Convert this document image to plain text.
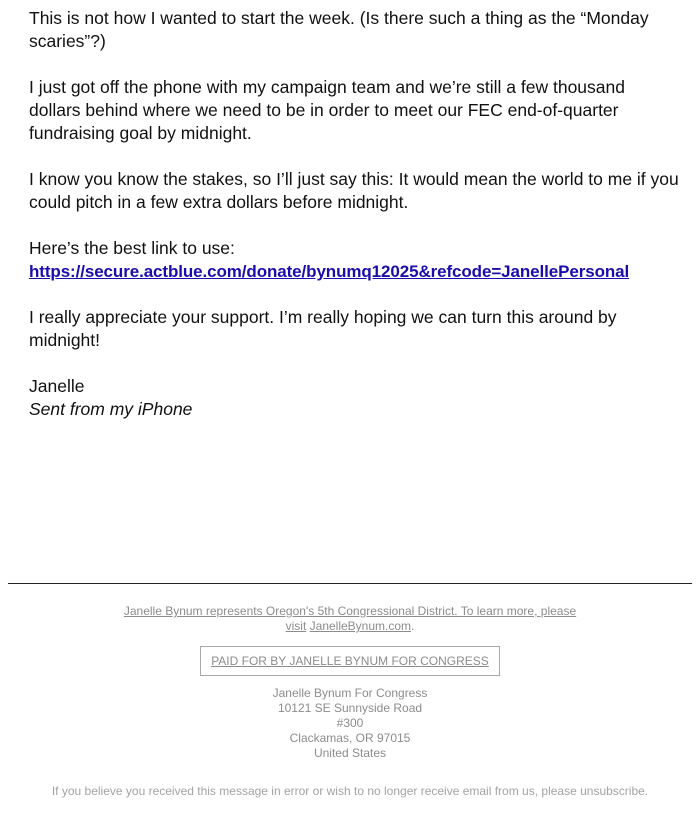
This is not how I wanted to start the week. (Is there such a thing as the “Monday scaries”?)

I just got off the phone with my campaign team and we’re still a few thousand dollars behind where we need to be in order to meet our FEC end-of-quarter fundraising goal by midnight.

I know you know the stakes, so I’ll just say this: It would mean the world to me if you could pitch in a few extra dollars before midnight.

Here’s the best link to use:
https://secure.actblue.com/donate/bynumq12025&refcode=JanellePersonal

I really appreciate your support. I’m really hoping we can turn this around by midnight!

Janelle

Sent from my iPhone

Janelle Bynum represents Oregon's 5th Congressional District. To learn more, please visit JanelleBynum.com.
PAID FOR BY JANELLE BYNUM FOR CONGRESS
Janelle Bynum For Congress
10121 SE Sunnyside Road
#300
Clackamas, OR 97015
United States
If you believe you received this message in error or wish to no longer receive email from us, please unsubscribe.
